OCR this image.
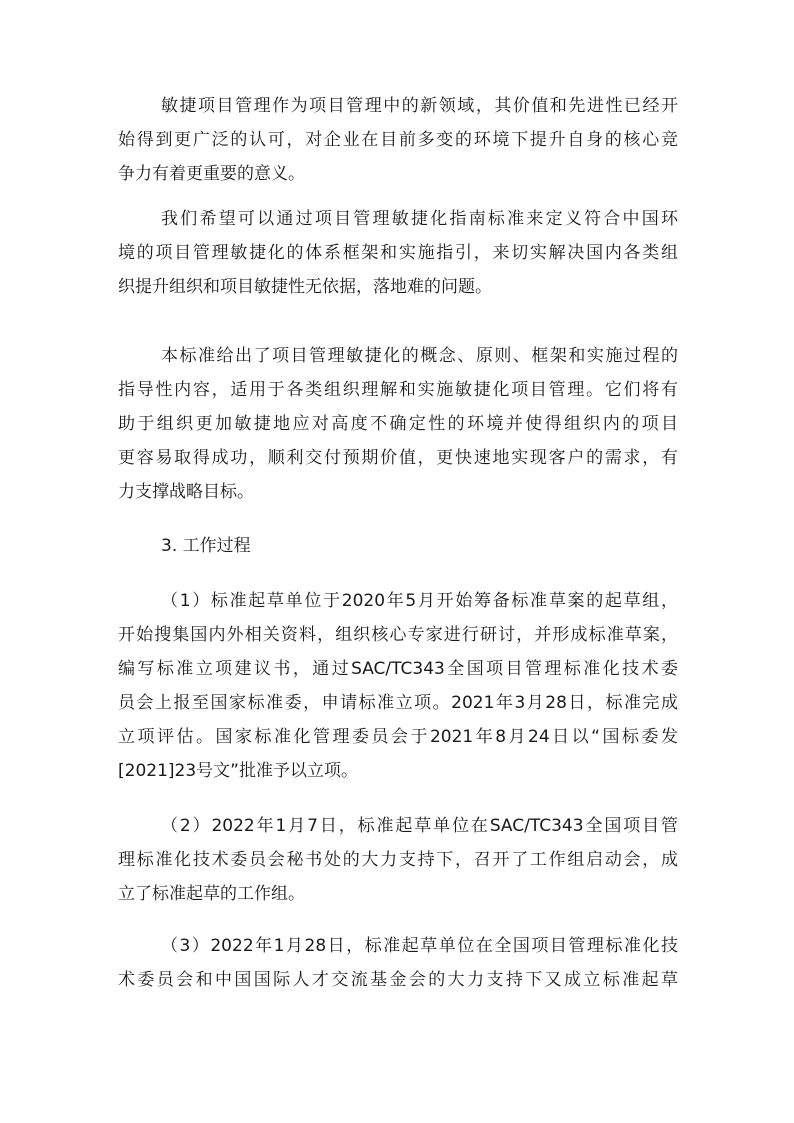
敏捷项目管理作为项目管理中的新领域，其价值和先进性已经开
始得到更广泛的认可，对企业在目前多变的环境下提升自身的核心竞
争力有着更重要的意义。
我们希望可以通过项目管理敏捷化指南标准来定义符合中国环
境的项目管理敏捷化的体系框架和实施指引，来切实解决国内各类组
织提升组织和项目敏捷性无依据，落地难的问题。
本标准给出了项目管理敏捷化的概念、原则、框架和实施过程的
指导性内容，适用于各类组织理解和实施敏捷化项目管理。它们将有
助于组织更加敏捷地应对高度不确定性的环境并使得组织内的项目
更容易取得成功，顺利交付预期价值，更快速地实现客户的需求，有
力支撑战略目标。

3. 工作过程

（1）标准起草单位于2020年5月开始筹备标准草案的起草组，
开始搜集国内外相关资料，组织核心专家进行研讨，并形成标准草案，
编写标准立项建议书，通过SAC/TC343全国项目管理标准化技术委
员会上报至国家标准委，申请标准立项。2021年3月28日，标准完成
立项评估。国家标准化管理委员会于2021年8月24日以“国标委发
[2021]23号文”批准予以立项。
（2）2022年1月7日，标准起草单位在SAC/TC343全国项目管
理标准化技术委员会秘书处的大力支持下，召开了工作组启动会，成
立了标准起草的工作组。
（3）2022年1月28日，标准起草单位在全国项目管理标准化技
术委员会和中国国际人才交流基金会的大力支持下又成立标准起草
